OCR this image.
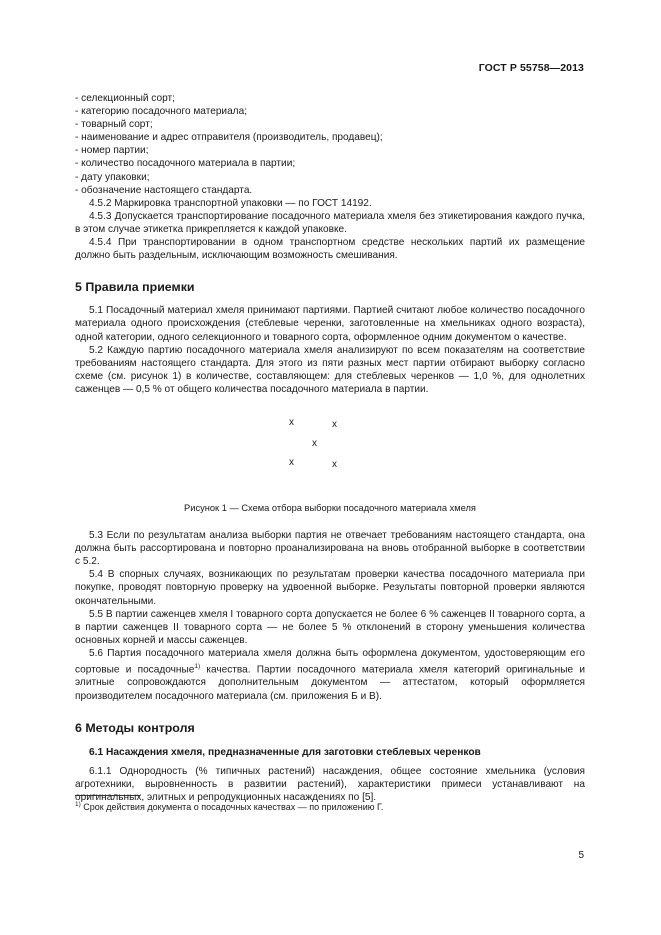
ГОСТ Р 55758—2013

- селекционный сорт;

- категорию посадочного материала;

- товарный сорт;

- наименование и адрес отправителя (производитель, продавец);

- номер партии;

- количество посадочного материала в партии;

- дату упаковки;

- обозначение настоящего стандарта.

4.5.2 Маркировка транспортной упаковки — по ГОСТ 14192.

4.5.3 Допускается транспортирование посадочного материала хмеля без этикетирования каждого пучка, в этом случае этикетка прикрепляется к каждой упаковке.

4.5.4 При транспортировании в одном транспортном средстве нескольких партий их размещение должно быть раздельным, исключающим возможность смешивания.

5 Правила приемки

5.1 Посадочный материал хмеля принимают партиями. Партией считают любое количество посадочного материала одного происхождения (стеблевые черенки, заготовленные на хмельниках одного возраста), одной категории, одного селекционного и товарного сорта, оформленное одним документом о качестве.

5.2 Каждую партию посадочного материала хмеля анализируют по всем показателям на соответствие требованиям настоящего стандарта. Для этого из пяти разных мест партии отбирают выборку согласно схеме (см. рисунок 1) в количестве, составляющем: для стеблевых черенков — 1,0 %, для однолетних саженцев — 0,5 % от общего количества посадочного материала в партии.

x	x
x
x	x
Рисунок 1 — Схема отбора выборки посадочного материала хмеля

5.3 Если по результатам анализа выборки партия не отвечает требованиям настоящего стандарта, она должна быть рассортирована и повторно проанализирована на вновь отобранной выборке в соответствии с 5.2.

5.4 В спорных случаях, возникающих по результатам проверки качества посадочного материала при покупке, проводят повторную проверку на удвоенной выборке. Результаты повторной проверки являются окончательными.

5.5 В партии саженцев хмеля I товарного сорта допускается не более 6 % саженцев II товарного сорта, а в партии саженцев II товарного сорта — не более 5 % отклонений в сторону уменьшения количества основных корней и массы саженцев.

5.6 Партия посадочного материала хмеля должна быть оформлена документом, удостоверяющим его сортовые и посадочные$^{1)}$ качества. Партии посадочного материала хмеля категорий оригинальные и элитные сопровождаются дополнительным документом — аттестатом, который оформляется производителем посадочного материала (см. приложения Б и В).

6 Методы контроля
6.1 Насаждения хмеля, предназначенные для заготовки стеблевых черенков

6.1.1 Однородность (% типичных растений) насаждения, общее состояние хмельника (условия агротехники, выровненность в развитии растений), характеристики примеси устанавливают на оригинальных, элитных и репродукционных насаждениях по [5].

$^{1)}$ Срок действия документа о посадочных качествах — по приложению Г.
5
